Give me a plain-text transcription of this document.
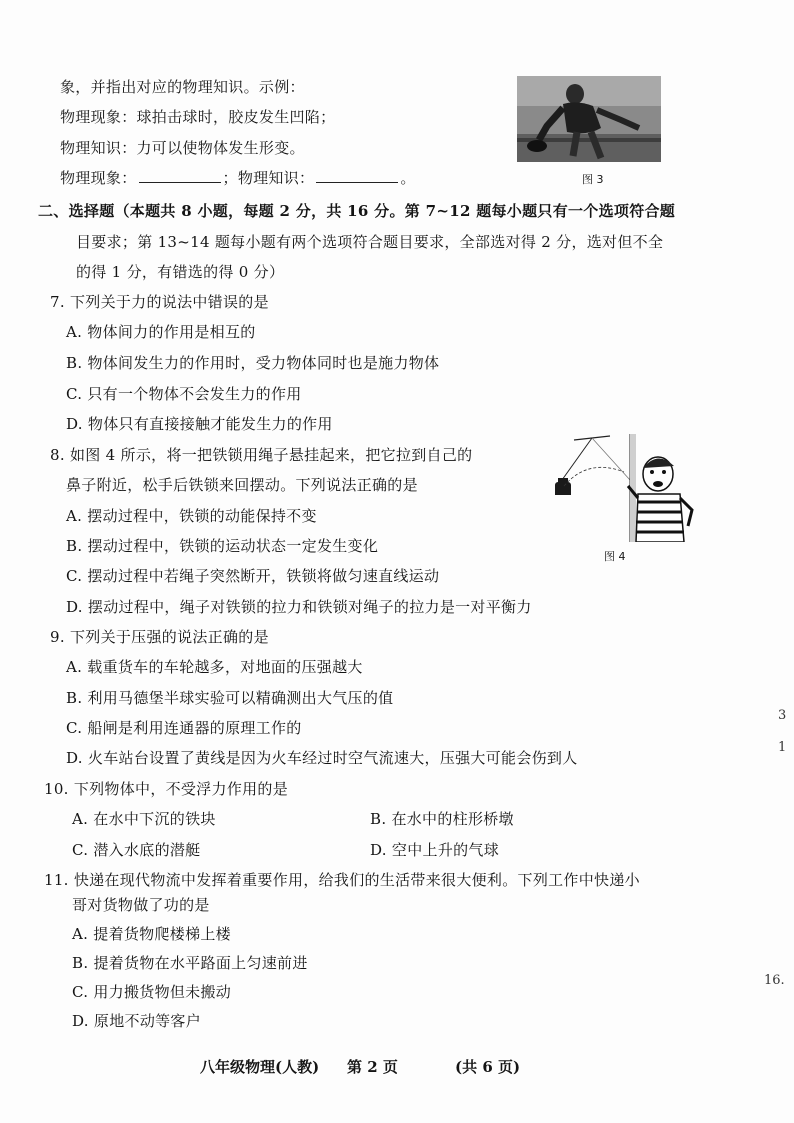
象，并指出对应的物理知识。示例：
物理现象：球拍击球时，胶皮发生凹陷；
物理知识：力可以使物体发生形变。
物理现象：	；物理知识：	。	图 3
二、选择题（本题共 8 小题，每题 2 分，共 16 分。第 7~12 题每小题只有一个选项符合题
目要求；第 13~14 题每小题有两个选项符合题目要求，全部选对得 2 分，选对但不全
的得 1 分，有错选的得 0 分）
7. 下列关于力的说法中错误的是
A. 物体间力的作用是相互的
B. 物体间发生力的作用时，受力物体同时也是施力物体
C. 只有一个物体不会发生力的作用
D. 物体只有直接接触才能发生力的作用
8. 如图 4 所示，将一把铁锁用绳子悬挂起来，把它拉到自己的
鼻子附近，松手后铁锁来回摆动。下列说法正确的是
A. 摆动过程中，铁锁的动能保持不变
B. 摆动过程中，铁锁的运动状态一定发生变化
C. 摆动过程中若绳子突然断开，铁锁将做匀速直线运动
D. 摆动过程中，绳子对铁锁的拉力和铁锁对绳子的拉力是一对平衡力
图 4
9. 下列关于压强的说法正确的是
A. 载重货车的车轮越多，对地面的压强越大
B. 利用马德堡半球实验可以精确测出大气压的值
C. 船闸是利用连通器的原理工作的
D. 火车站台设置了黄线是因为火车经过时空气流速大，压强大可能会伤到人
10. 下列物体中，不受浮力作用的是
A. 在水中下沉的铁块	B. 在水中的柱形桥墩
C. 潜入水底的潜艇	D. 空中上升的气球
11. 快递在现代物流中发挥着重要作用，给我们的生活带来很大便利。下列工作中快递小
哥对货物做了功的是
A. 提着货物爬楼梯上楼
B. 提着货物在水平路面上匀速前进
C. 用力搬货物但未搬动
D. 原地不动等客户
3
1
16.
八年级物理(人教) 第 2 页	(共 6 页)
